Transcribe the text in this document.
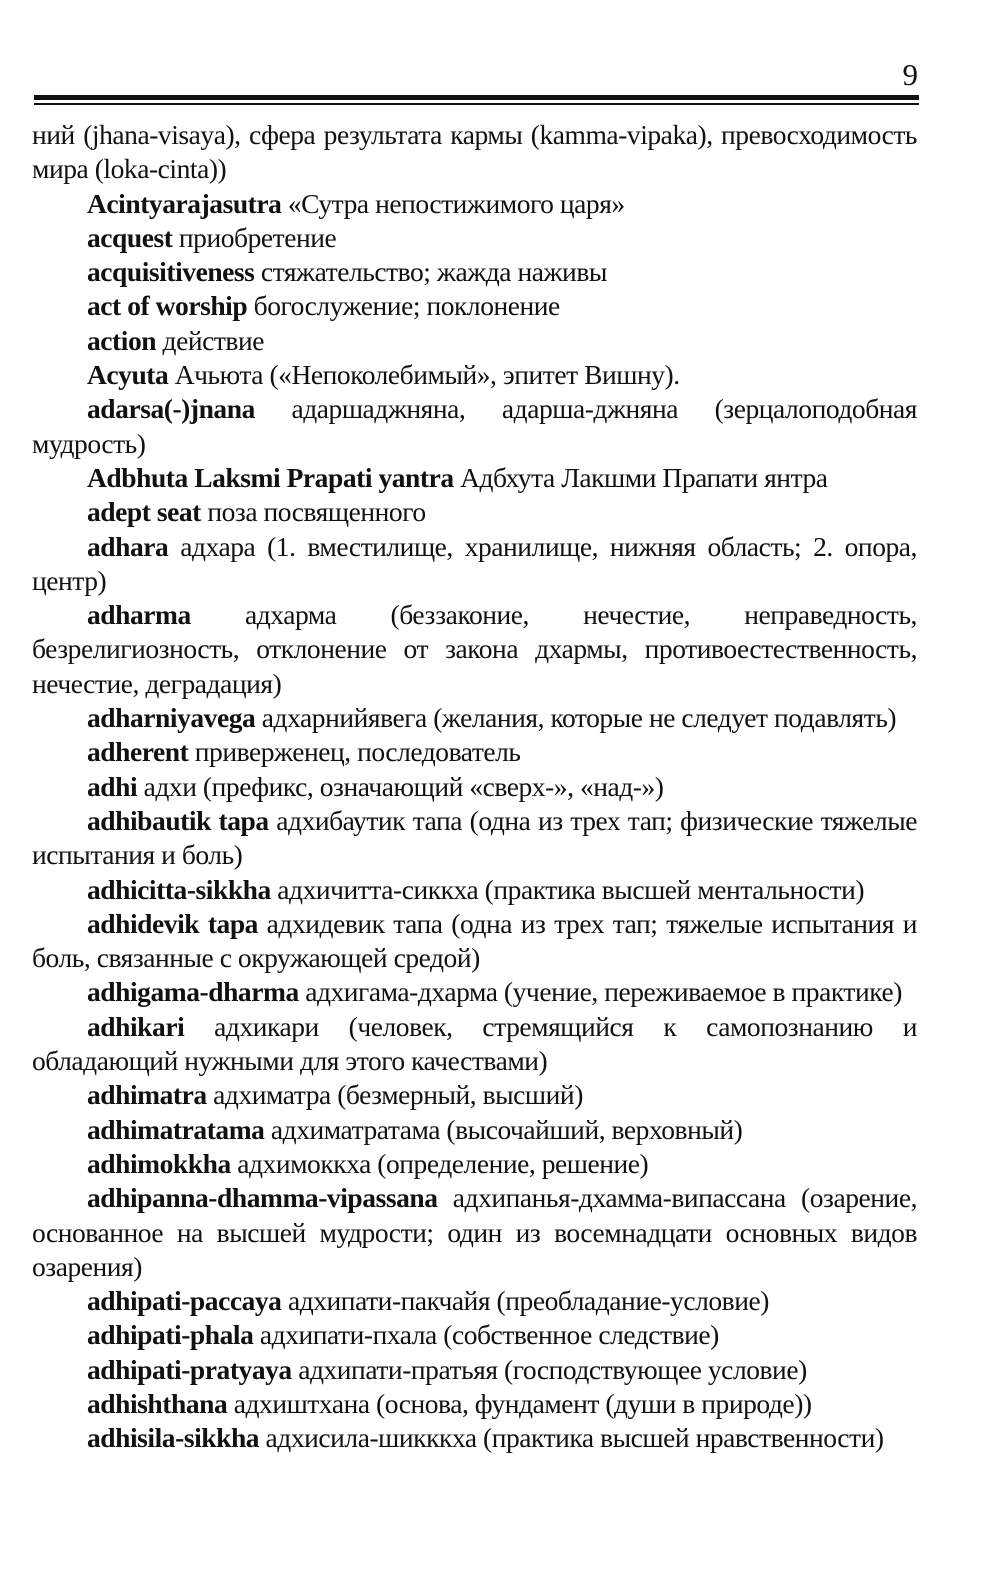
9

ний (jhana-visaya), сфера результата кармы (kamma-vipaka), превосходимость мира (loka-cinta))

Acintyarajasutra «Сутра непостижимого царя»

acquest приобретение

acquisitiveness стяжательство; жажда наживы

act of worship богослужение; поклонение

action действие

Acyuta Ачьюта («Непоколебимый», эпитет Вишну).

adarsa(-)jnana адаршаджняна, адарша-джняна (зерцалоподобная мудрость)

Adbhuta Laksmi Prapati yantra Адбхута Лакшми Прапати янтра

adept seat поза посвященного

adhara адхара (1. вместилище, хранилище, нижняя область; 2. опора, центр)

adharma адхарма (беззаконие, нечестие, неправедность, безрелигиозность, отклонение от закона дхармы, противоестественность, нечестие, деградация)

adharniyavega адхарнийявега (желания, которые не следует подавлять)

adherent приверженец, последователь

adhi адхи (префикс, означающий «сверх-», «над-»)

adhibautik tapa адхибаутик тапа (одна из трех тап; физические тяжелые испытания и боль)

adhicitta-sikkha адхичитта-сиккха (практика высшей ментальности)

adhidevik tapa адхидевик тапа (одна из трех тап; тяжелые испытания и боль, связанные с окружающей средой)

adhigama-dharma адхигама-дхарма (учение, переживаемое в практике)

adhikari адхикари (человек, стремящийся к самопознанию и обладающий нужными для этого качествами)

adhimatra адхиматра (безмерный, высший)

adhimatratama адхиматратама (высочайший, верховный)

adhimokkha адхимоккха (определение, решение)

adhipanna-dhamma-vipassana адхипанья-дхамма-випассана (озарение, основанное на высшей мудрости; один из восемнадцати основных видов озарения)

adhipati-paccaya адхипати-пакчайя (преобладание-условие)

adhipati-phala адхипати-пхала (собственное следствие)

adhipati-pratyaya адхипати-пратьяя (господствующее условие)

adhishthana адхиштхана (основа, фундамент (души в природе))

adhisila-sikkha адхисила-шикккха (практика высшей нравственности)
